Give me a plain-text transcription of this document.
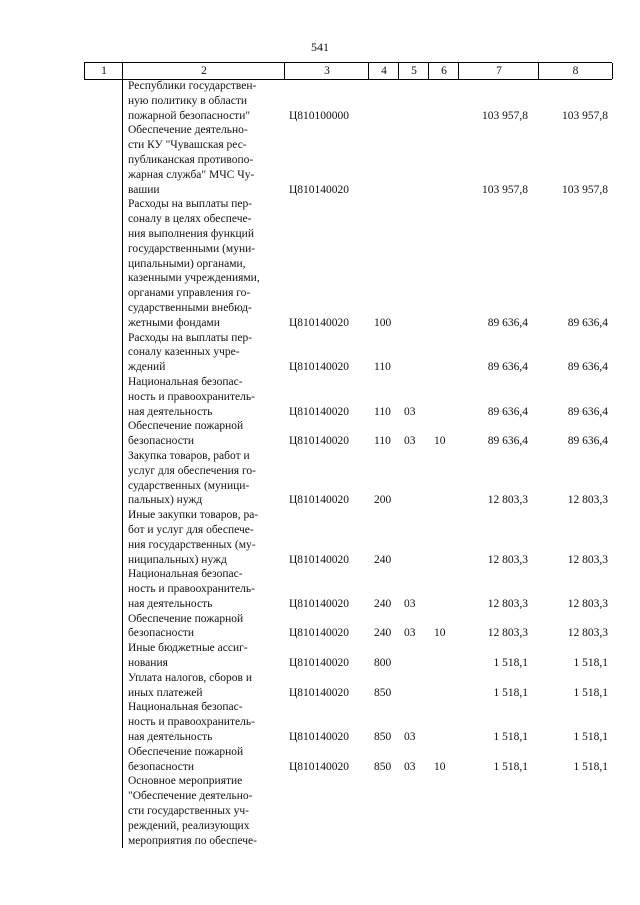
541
1	2	3	4	5	6	7	8
Республики государствен-
ную политику в области
пожарной безопасности"	Ц810100000	103 957,8	103 957,8
Обеспечение деятельно-
сти КУ "Чувашская рес-
публиканская противопо-
жарная служба" МЧС Чу-
вашии	Ц810140020	103 957,8	103 957,8
Расходы на выплаты пер-
соналу в целях обеспече-
ния выполнения функций
государственными (муни-
ципальными) органами,
казенными учреждениями,
органами управления го-
сударственными внебюд-
жетными фондами	Ц810140020 100	89 636,4	89 636,4
Расходы на выплаты пер-
соналу казенных учре-
ждений	Ц810140020 110	89 636,4	89 636,4
Национальная безопас-
ность и правоохранитель-
ная деятельность	Ц810140020 110 03	89 636,4	89 636,4
Обеспечение пожарной
безопасности	Ц810140020 110 03 10	89 636,4	89 636,4
Закупка товаров, работ и
услуг для обеспечения го-
сударственных (муници-
пальных) нужд	Ц810140020 200	12 803,3	12 803,3
Иные закупки товаров, ра-
бот и услуг для обеспече-
ния государственных (му-
ниципальных) нужд	Ц810140020 240	12 803,3	12 803,3
Национальная безопас-
ность и правоохранитель-
ная деятельность	Ц810140020 240 03	12 803,3	12 803,3
Обеспечение пожарной
безопасности	Ц810140020 240 03 10	12 803,3	12 803,3
Иные бюджетные ассиг-
нования	Ц810140020 800	1 518,1	1 518,1
Уплата налогов, сборов и
иных платежей	Ц810140020 850	1 518,1	1 518,1
Национальная безопас-
ность и правоохранитель-
ная деятельность	Ц810140020 850 03	1 518,1	1 518,1
Обеспечение пожарной
безопасности	Ц810140020 850 03 10	1 518,1	1 518,1
Основное мероприятие
"Обеспечение деятельно-
сти государственных уч-
реждений, реализующих
мероприятия по обеспече-
